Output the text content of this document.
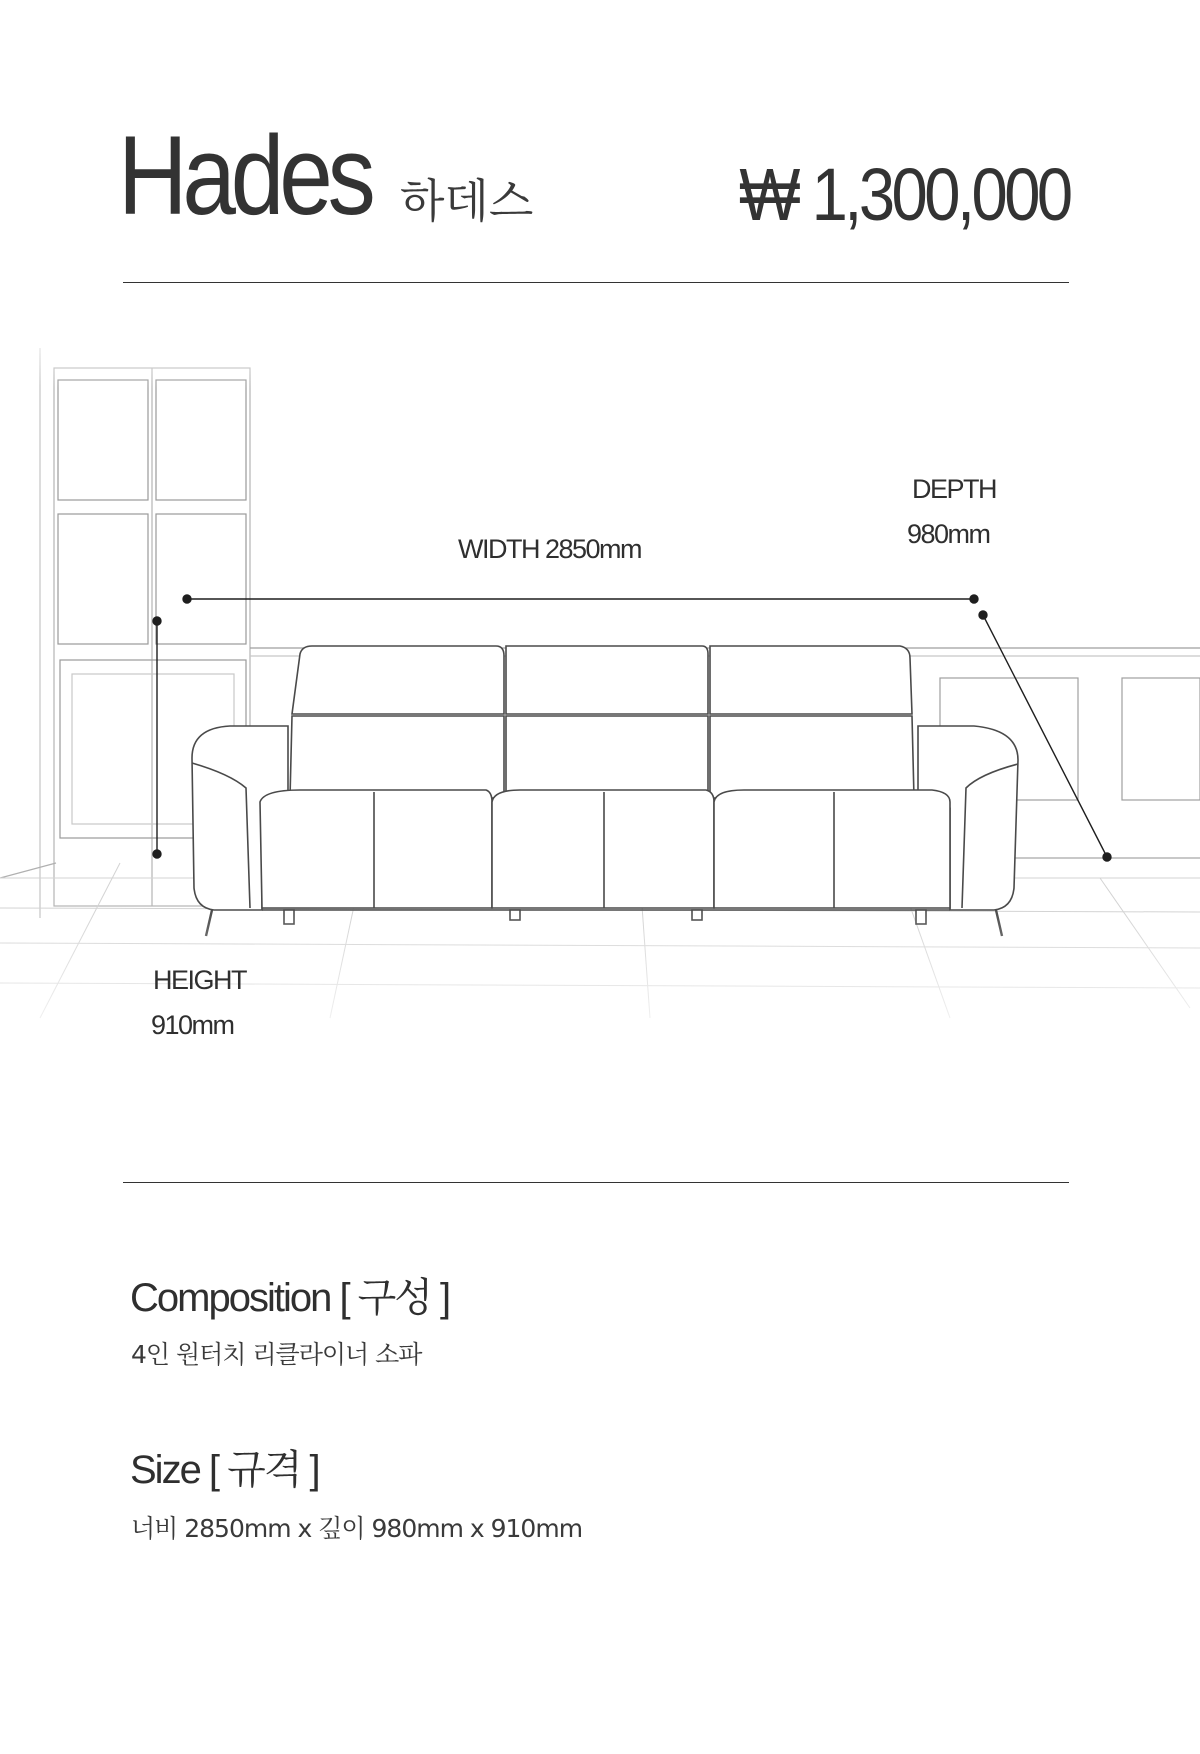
Hades 하데스	₩ 1,300,000
WIDTH 2850mm
DEPTH
980mm
HEIGHT
910mm
Composition [ 구성 ]
4인 원터치 리클라이너 소파
Size [ 규격 ]
너비 2850mm x 깊이 980mm x 910mm
